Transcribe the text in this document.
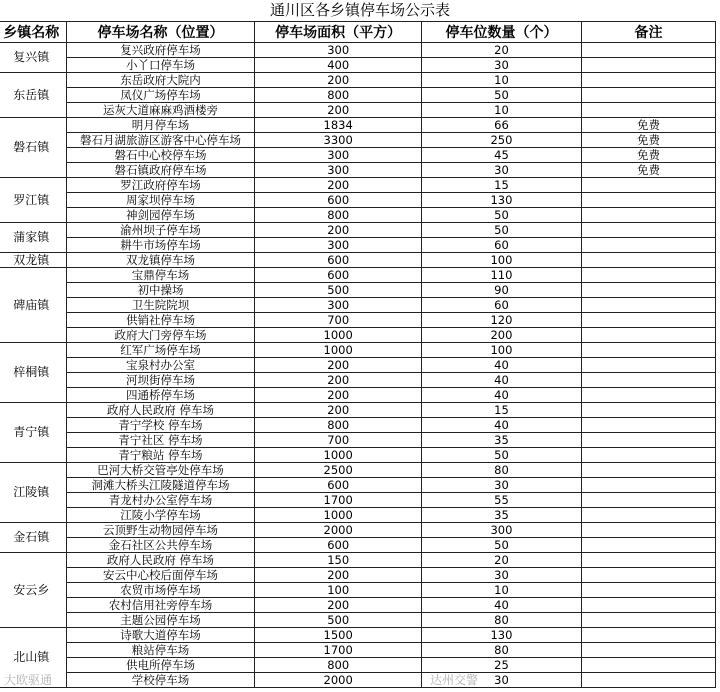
通川区各乡镇停车场公示表
乡镇名称	停车场名称（位置）	停车场面积（平方）	停车位数量（个）	备注
复兴镇	复兴政府停车场	300	20	
	小丫口停车场	400	30	
东岳镇	东岳政府大院内	200	10	
	凤仪广场停车场	800	50	
	运灰大道麻麻鸡酒楼旁	200	10	
磐石镇	明月停车场	1834	66	免费
	磐石月湖旅游区游客中心停车场	3300	250	免费
	磐石中心校停车场	300	45	免费
	磐石镇政府停车场	300	30	免费
罗江镇	罗江政府停车场	200	15	
	周家坝停车场	600	130	
	神剑园停车场	800	50	
蒲家镇	渝州坝子停车场	200	50	
	耕牛市场停车场	300	60	
双龙镇	双龙镇停车场	600	100	
碑庙镇	宝鼎停车场	600	110	
	初中操场	500	90	
	卫生院院坝	300	60	
	供销社停车场	700	120	
	政府大门旁停车场	1000	200	
梓桐镇	红军广场停车场	1000	100	
	宝泉村办公室	200	40	
	河坝街停车场	200	40	
	四通桥停车场	200	40	
青宁镇	政府人民政府 停车场	200	15	
	青宁学校 停车场	800	40	
	青宁社区 停车场	700	35	
	青宁粮站 停车场	1000	50	
江陵镇	巴河大桥交管亭处停车场	2500	80	
	洞滩大桥头江陵隧道停车场	600	30	
	青龙村办公室停车场	1700	55	
	江陵小学停车场	1000	35	
金石镇	云顶野生动物园停车场	2000	300	
	金石社区公共停车场	600	50	
安云乡	政府人民政府 停车场	150	20	
	安云中心校后面停车场	200	30	
	农贸市场停车场	100	10	
	农村信用社旁停车场	200	40	
	主题公园停车场	500	80	
北山镇	诗歌大道停车场	1500	130	
	粮站停车场	1700	80	
	供电所停车场	800	25	
	学校停车场	2000	30	
大欧驱通	达州交警
